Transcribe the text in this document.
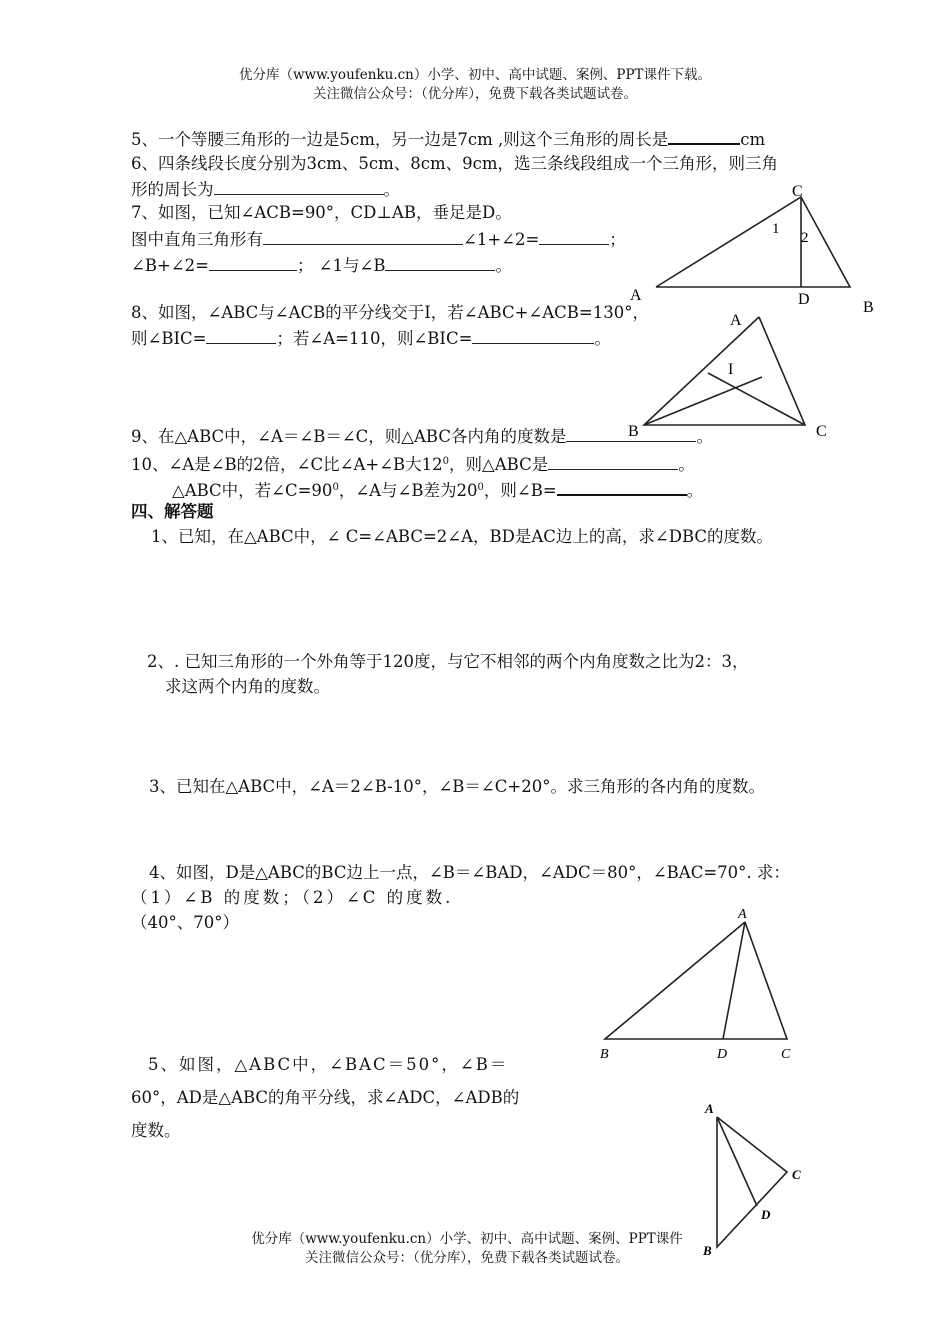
优分库（www.youfenku.cn）小学、初中、高中试题、案例、PPT课件下载。
关注微信公众号：（优分库），免费下载各类试题试卷。
5、一个等腰三角形的一边是5cm，另一边是7cm ,则这个三角形的周长是	cm
6、四条线段长度分别为3cm、5cm、8cm、9cm，选三条线段组成一个三角形，则三角
形的周长为	。
7、如图，已知∠ACB=90°，CD⊥AB，垂足是D。
图中直角三角形有	∠1+∠2=	；
∠B+∠2=	； ∠1与∠B	。
C
A	D	B
1
2
8、如图，∠ABC与∠ACB的平分线交于I，若∠ABC+∠ACB=130°，
则∠BIC=	；若∠A=110，则∠BIC=	。
A
I
B	C
9、在△ABC中，∠A＝∠B＝∠C，则△ABC各内角的度数是	。
10、∠A是∠B的2倍，∠C比∠A+∠B大$12^0$，则△ABC是	。
△ABC中，若$\angle C=90^0$，∠A与∠B差为$20^0$，则∠B=	。
四、解答题
1、已知，在△ABC中，∠ C=∠ABC=2∠A，BD是AC边上的高，求∠DBC的度数。
2、. 已知三角形的一个外角等于120度，与它不相邻的两个内角度数之比为2：3，
求这两个内角的度数。
3、已知在△ABC中，∠A＝2∠B-10°，∠B＝∠C+20°。求三角形的各内角的度数。
4、如图，D是△ABC的BC边上一点，∠B＝∠BAD，∠ADC＝80°，∠BAC=70°. 求：
（1）∠B 的度数；（2）∠C 的度数.
（40°、70°）	A
B	D	C
5、如图，△ABC中，∠BAC＝50°，∠B＝
60°，AD是△ABC的角平分线，求∠ADC，∠ADB的
度数。
A
C
D
B
优分库（www.youfenku.cn）小学、初中、高中试题、案例、PPT课件
关注微信公众号：（优分库），免费下载各类试题试卷。
